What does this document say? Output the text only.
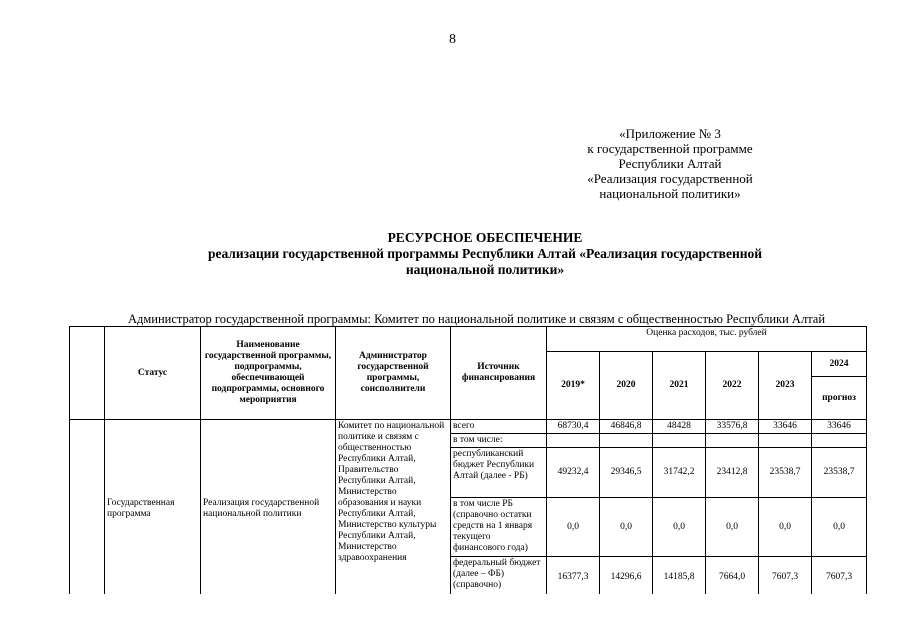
8
«Приложение № 3
к государственной программе
Республики Алтай
«Реализация государственной
национальной политики»
РЕСУРСНОЕ ОБЕСПЕЧЕНИЕ
реализации государственной программы Республики Алтай «Реализация государственной
национальной политики»
Администратор государственной программы: Комитет по национальной политике и связям с общественностью Республики Алтай
	Статус	Наименование государственной программы, подпрограммы, обеспечивающей подпрограммы, основного мероприятия	Администратор государственной программы, соисполнители	Источник финансирования	Оценка расходов, тыс. рублей					
					2019*	2020	2021	2022	2023	2024
										прогноз
	Государственная программа	Реализация государственной национальной политики	Комитет по национальной политике и связям с общественностью Республики Алтай, Правительство Республики Алтай, Министерство образования и науки Республики Алтай, Министерство культуры Республики Алтай, Министерство здравоохранения	всего	68730,4	46846,8	48428	33576,8	33646	33646
				в том числе:						
				республиканский бюджет Республики Алтай (далее - РБ)	49232,4	29346,5	31742,2	23412,8	23538,7	23538,7
				в том числе РБ (справочно остатки средств на 1 января текущего финансового года)	0,0	0,0	0,0	0,0	0,0	0,0
				федеральный бюджет (далее – ФБ) (справочно)	16377,3	14296,6	14185,8	7664,0	7607,3	7607,3
